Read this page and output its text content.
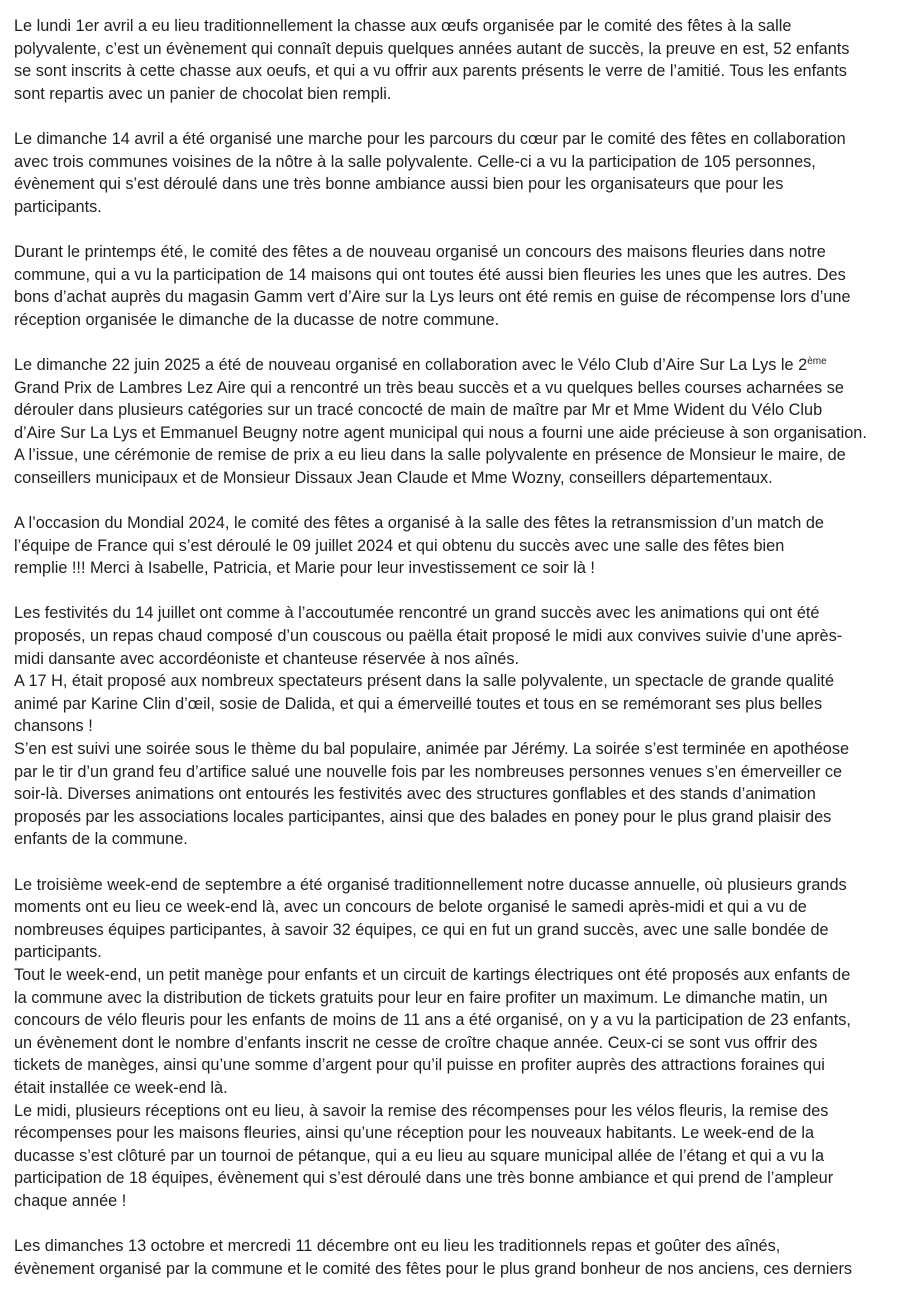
Le lundi 1er avril a eu lieu traditionnellement la chasse aux œufs organisée par le comité des fêtes à la salle
polyvalente, c’est un évènement qui connaît depuis quelques années autant de succès, la preuve en est, 52 enfants
se sont inscrits à cette chasse aux oeufs, et qui a vu offrir aux parents présents le verre de l’amitié. Tous les enfants
sont repartis avec un panier de chocolat bien rempli.
Le dimanche 14 avril a été organisé une marche pour les parcours du cœur par le comité des fêtes en collaboration
avec trois communes voisines de la nôtre à la salle polyvalente. Celle-ci a vu la participation de 105 personnes,
évènement qui s’est déroulé dans une très bonne ambiance aussi bien pour les organisateurs que pour les
participants.
Durant le printemps été, le comité des fêtes a de nouveau organisé un concours des maisons fleuries dans notre
commune, qui a vu la participation de 14 maisons qui ont toutes été aussi bien fleuries les unes que les autres. Des
bons d’achat auprès du magasin Gamm vert d’Aire sur la Lys leurs ont été remis en guise de récompense lors d’une
réception organisée le dimanche de la ducasse de notre commune.
Le dimanche 22 juin 2025 a été de nouveau organisé en collaboration avec le Vélo Club d’Aire Sur La Lys le 2ème
Grand Prix de Lambres Lez Aire qui a rencontré un très beau succès et a vu quelques belles courses acharnées se
dérouler dans plusieurs catégories sur un tracé concocté de main de maître par Mr et Mme Wident du Vélo Club
d’Aire Sur La Lys et Emmanuel Beugny notre agent municipal qui nous a fourni une aide précieuse à son organisation.
A l’issue, une cérémonie de remise de prix a eu lieu dans la salle polyvalente en présence de Monsieur le maire, de
conseillers municipaux et de Monsieur Dissaux Jean Claude et Mme Wozny, conseillers départementaux.
A l’occasion du Mondial 2024, le comité des fêtes a organisé à la salle des fêtes la retransmission d’un match de
l’équipe de France qui s’est déroulé le 09 juillet 2024 et qui obtenu du succès avec une salle des fêtes bien
remplie !!! Merci à Isabelle, Patricia, et Marie pour leur investissement ce soir là !
Les festivités du 14 juillet ont comme à l’accoutumée rencontré un grand succès avec les animations qui ont été
proposés, un repas chaud composé d’un couscous ou paëlla était proposé le midi aux convives suivie d’une après-
midi dansante avec accordéoniste et chanteuse réservée à nos aînés.
A 17 H, était proposé aux nombreux spectateurs présent dans la salle polyvalente, un spectacle de grande qualité
animé par Karine Clin d’œil, sosie de Dalida, et qui a émerveillé toutes et tous en se remémorant ses plus belles
chansons !
S’en est suivi une soirée sous le thème du bal populaire, animée par Jérémy. La soirée s’est terminée en apothéose
par le tir d’un grand feu d’artifice salué une nouvelle fois par les nombreuses personnes venues s’en émerveiller ce
soir-là. Diverses animations ont entourés les festivités avec des structures gonflables et des stands d’animation
proposés par les associations locales participantes, ainsi que des balades en poney pour le plus grand plaisir des
enfants de la commune.
Le troisième week-end de septembre a été organisé traditionnellement notre ducasse annuelle, où plusieurs grands
moments ont eu lieu ce week-end là, avec un concours de belote organisé le samedi après-midi et qui a vu de
nombreuses équipes participantes, à savoir 32 équipes, ce qui en fut un grand succès, avec une salle bondée de
participants.
Tout le week-end, un petit manège pour enfants et un circuit de kartings électriques ont été proposés aux enfants de
la commune avec la distribution de tickets gratuits pour leur en faire profiter un maximum. Le dimanche matin, un
concours de vélo fleuris pour les enfants de moins de 11 ans a été organisé, on y a vu la participation de 23 enfants,
un évènement dont le nombre d’enfants inscrit ne cesse de croître chaque année. Ceux-ci se sont vus offrir des
tickets de manèges, ainsi qu’une somme d’argent pour qu’il puisse en profiter auprès des attractions foraines qui
était installée ce week-end là.
Le midi, plusieurs réceptions ont eu lieu, à savoir la remise des récompenses pour les vélos fleuris, la remise des
récompenses pour les maisons fleuries, ainsi qu’une réception pour les nouveaux habitants. Le week-end de la
ducasse s’est clôturé par un tournoi de pétanque, qui a eu lieu au square municipal allée de l’étang et qui a vu la
participation de 18 équipes, évènement qui s’est déroulé dans une très bonne ambiance et qui prend de l’ampleur
chaque année !
Les dimanches 13 octobre et mercredi 11 décembre ont eu lieu les traditionnels repas et goûter des aînés,
évènement organisé par la commune et le comité des fêtes pour le plus grand bonheur de nos anciens, ces derniers
